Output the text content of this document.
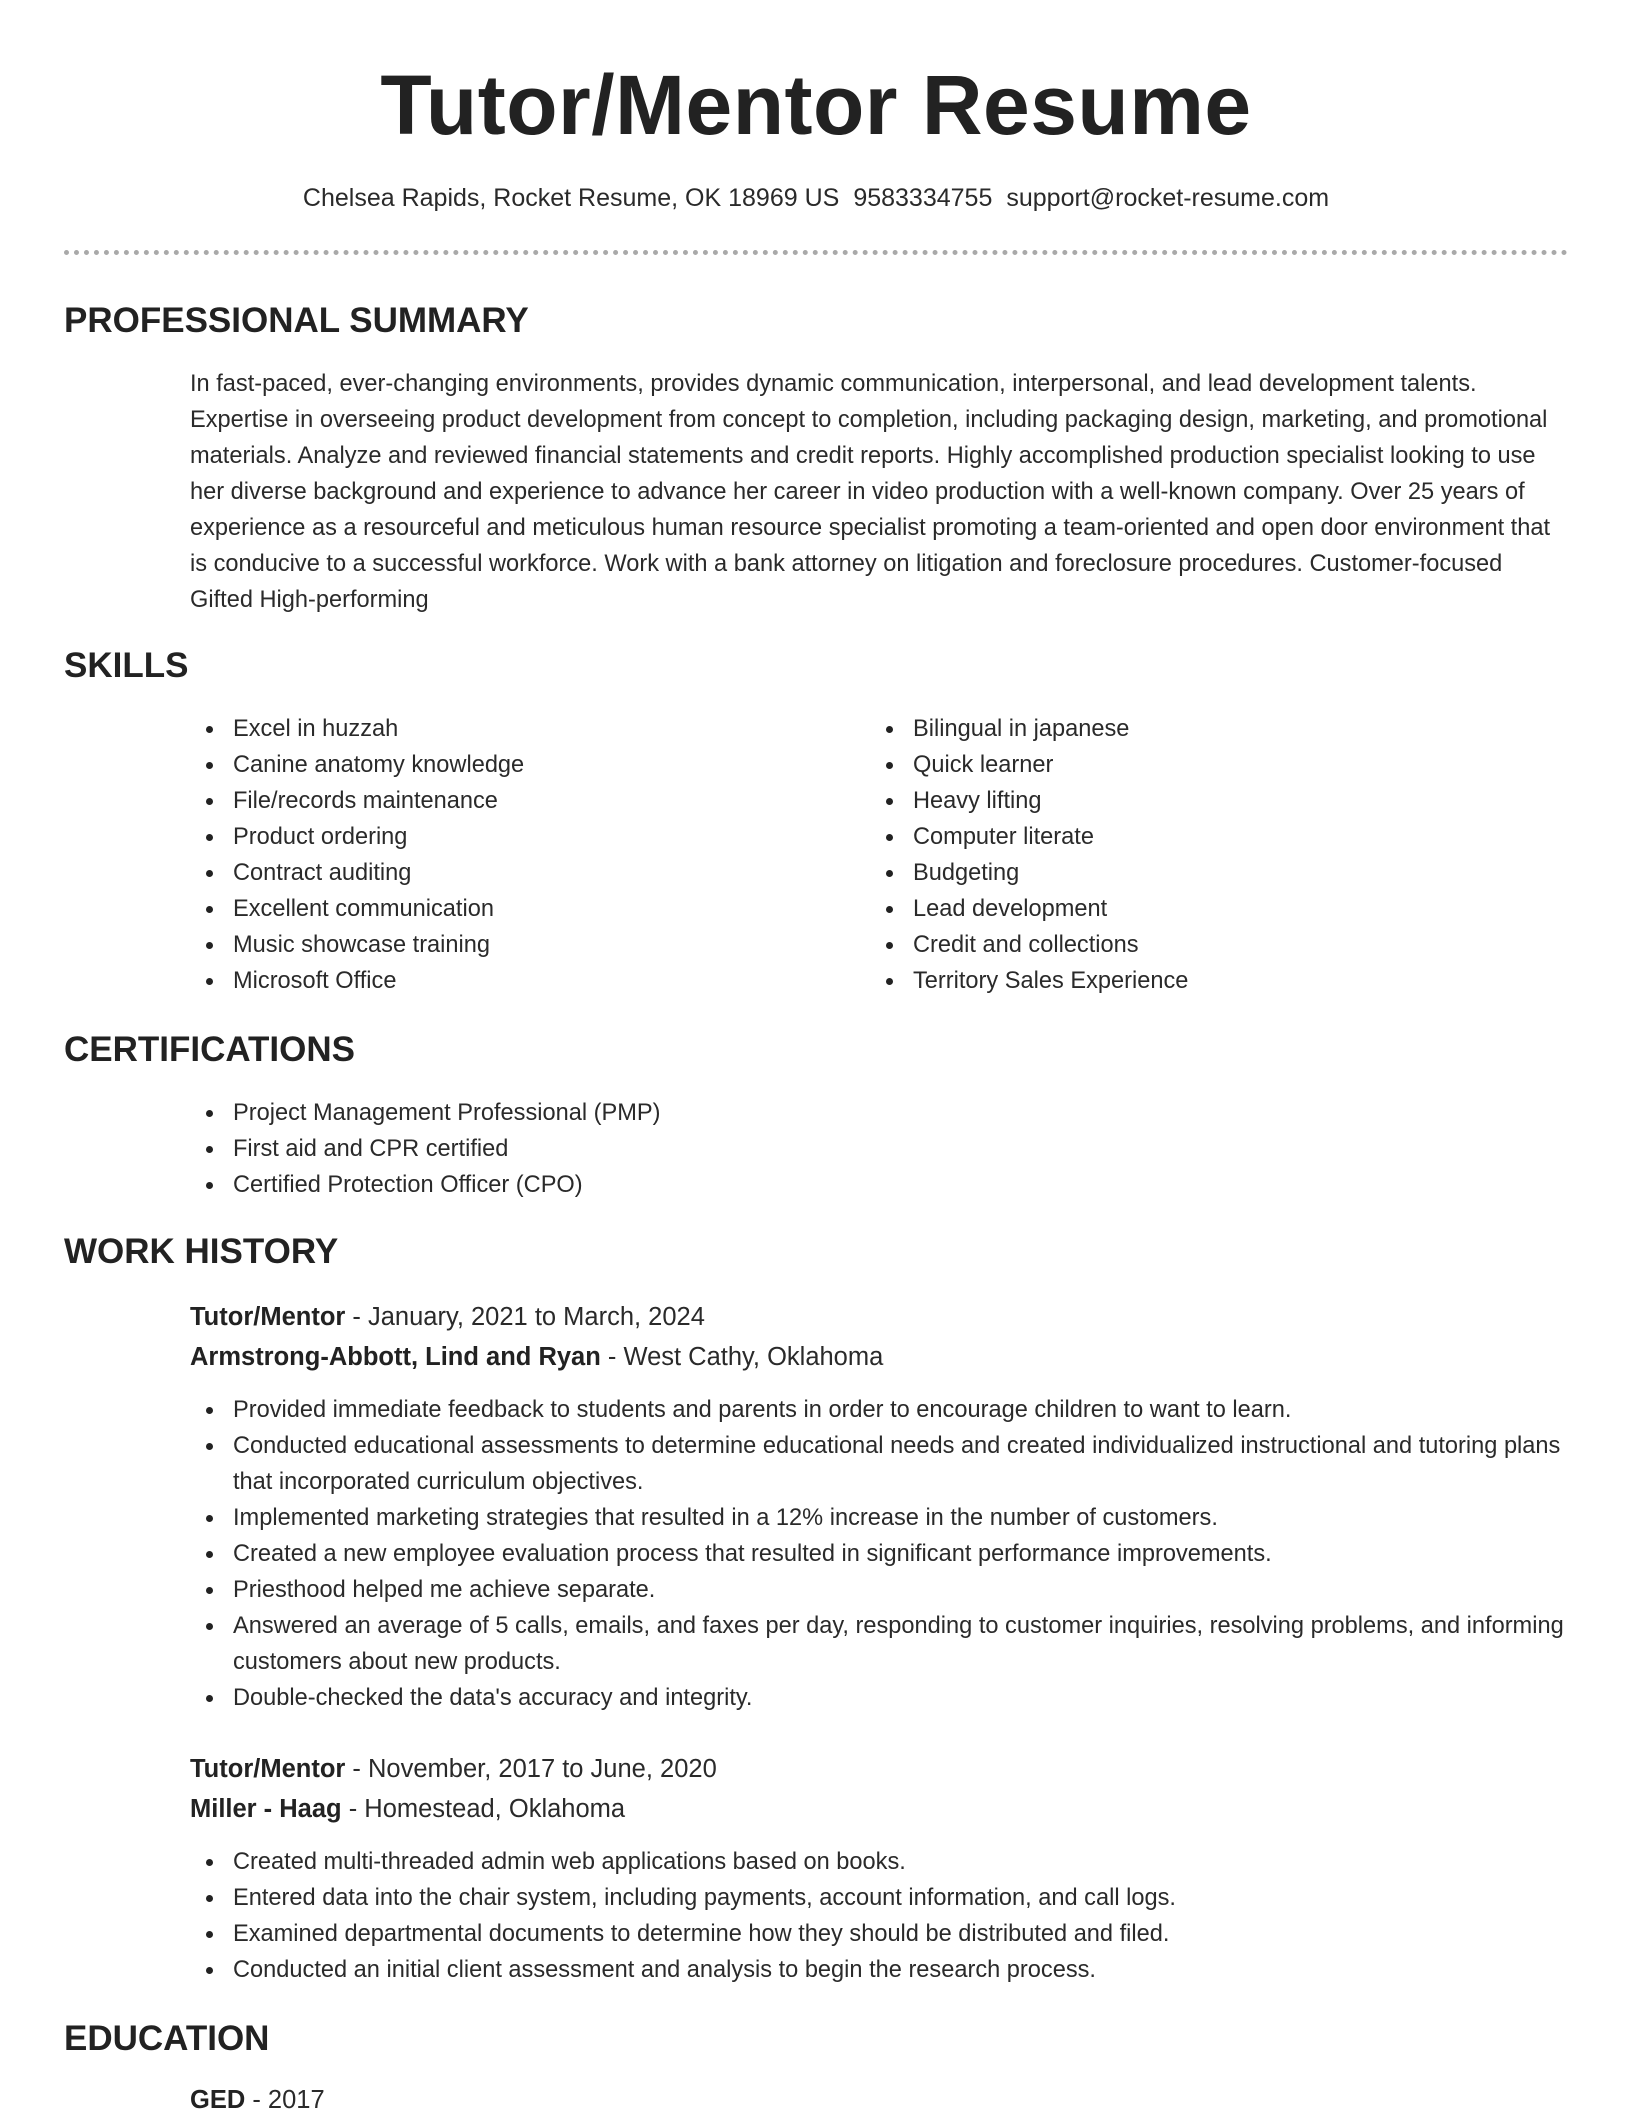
Tutor/Mentor Resume
Chelsea Rapids, Rocket Resume, OK 18969 US 9583334755 support@rocket-resume.com
PROFESSIONAL SUMMARY

In fast-paced, ever-changing environments, provides dynamic communication, interpersonal, and lead development talents. Expertise in overseeing product development from concept to completion, including packaging design, marketing, and promotional materials. Analyze and reviewed financial statements and credit reports. Highly accomplished production specialist looking to use her diverse background and experience to advance her career in video production with a well-known company. Over 25 years of experience as a resourceful and meticulous human resource specialist promoting a team-oriented and open door environment that is conducive to a successful workforce. Work with a bank attorney on litigation and foreclosure procedures. Customer-focused Gifted High-performing

SKILLS
Excel in huzzah
Canine anatomy knowledge
File/records maintenance
Product ordering
Contract auditing
Excellent communication
Music showcase training
Microsoft Office
Bilingual in japanese
Quick learner
Heavy lifting
Computer literate
Budgeting
Lead development
Credit and collections
Territory Sales Experience
CERTIFICATIONS
Project Management Professional (PMP)
First aid and CPR certified
Certified Protection Officer (CPO)
WORK HISTORY
Tutor/Mentor - January, 2021 to March, 2024
Armstrong-Abbott, Lind and Ryan - West Cathy, Oklahoma
Provided immediate feedback to students and parents in order to encourage children to want to learn.
Conducted educational assessments to determine educational needs and created individualized instructional and tutoring plans that incorporated curriculum objectives.
Implemented marketing strategies that resulted in a 12% increase in the number of customers.
Created a new employee evaluation process that resulted in significant performance improvements.
Priesthood helped me achieve separate.
Answered an average of 5 calls, emails, and faxes per day, responding to customer inquiries, resolving problems, and informing customers about new products.
Double-checked the data's accuracy and integrity.
Tutor/Mentor - November, 2017 to June, 2020
Miller - Haag - Homestead, Oklahoma
Created multi-threaded admin web applications based on books.
Entered data into the chair system, including payments, account information, and call logs.
Examined departmental documents to determine how they should be distributed and filed.
Conducted an initial client assessment and analysis to begin the research process.
EDUCATION
GED - 2017
